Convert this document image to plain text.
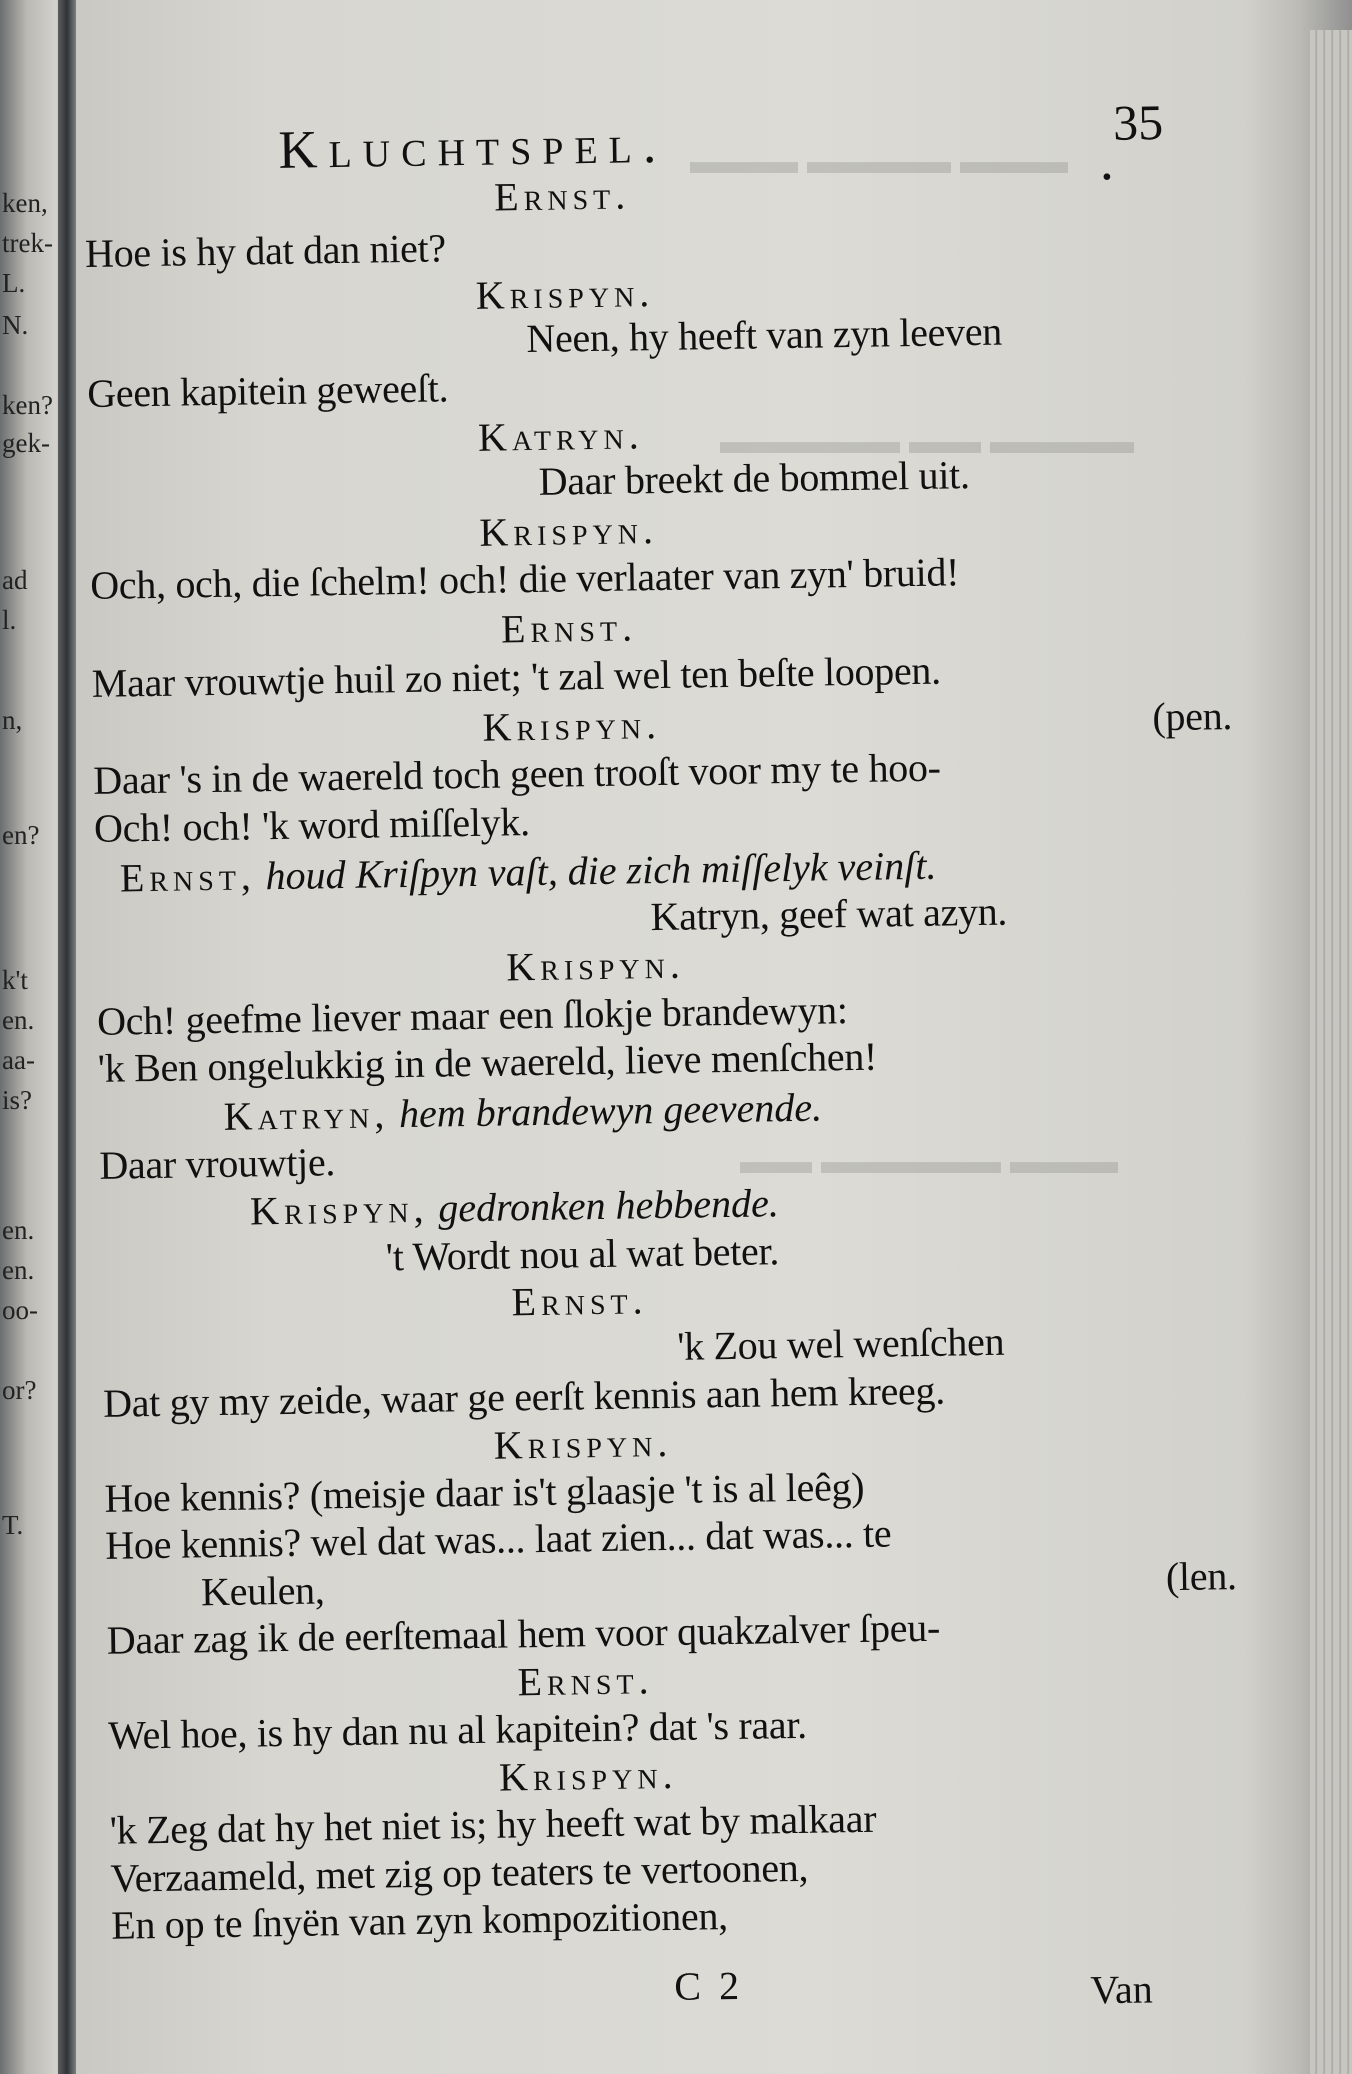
ken,
trek-
L.
N.
ken?
gek-
ad
l.
n,
en?
k't
en.
aa-
is?
en.
en.
oo-
or?
T.
▬▬▬ ▬▬▬▬ ▬▬▬
▬▬▬▬ ▬▬ ▬▬▬▬▬
▬▬▬ ▬▬▬▬▬ ▬▬
Kluchtspel.	35
•
Ernst.
Hoe is hy dat dan niet?
Krispyn.
Neen, hy heeft van zyn leeven
Geen kapitein geweeſt.
Katryn.
Daar breekt de bommel uit.
Krispyn.
Och, och, die ſchelm! och! die verlaater van zyn' bruid!
Ernst.
Maar vrouwtje huil zo niet; 't zal wel ten beſte loopen.
Krispyn.	(pen.
Daar 's in de waereld toch geen trooſt voor my te hoo-
Och! och! 'k word miſſelyk.
Ernst, houd Kriſpyn vaſt, die zich miſſelyk veinſt.
Katryn, geef wat azyn.
Krispyn.
Och! geefme liever maar een ſlokje brandewyn:
'k Ben ongelukkig in de waereld, lieve menſchen!
Katryn, hem brandewyn geevende.
Daar vrouwtje.
Krispyn, gedronken hebbende.
't Wordt nou al wat beter.
Ernst.
'k Zou wel wenſchen
Dat gy my zeide, waar ge eerſt kennis aan hem kreeg.
Krispyn.
Hoe kennis? (meisje daar is't glaasje 't is al leêg)
Hoe kennis? wel dat was... laat zien... dat was... te
Keulen,	(len.
Daar zag ik de eerſtemaal hem voor quakzalver ſpeu-
Ernst.
Wel hoe, is hy dan nu al kapitein? dat 's raar.
Krispyn.
'k Zeg dat hy het niet is; hy heeft wat by malkaar
Verzaameld, met zig op teaters te vertoonen,
En op te ſnyën van zyn kompozitionen,
C 2	Van
